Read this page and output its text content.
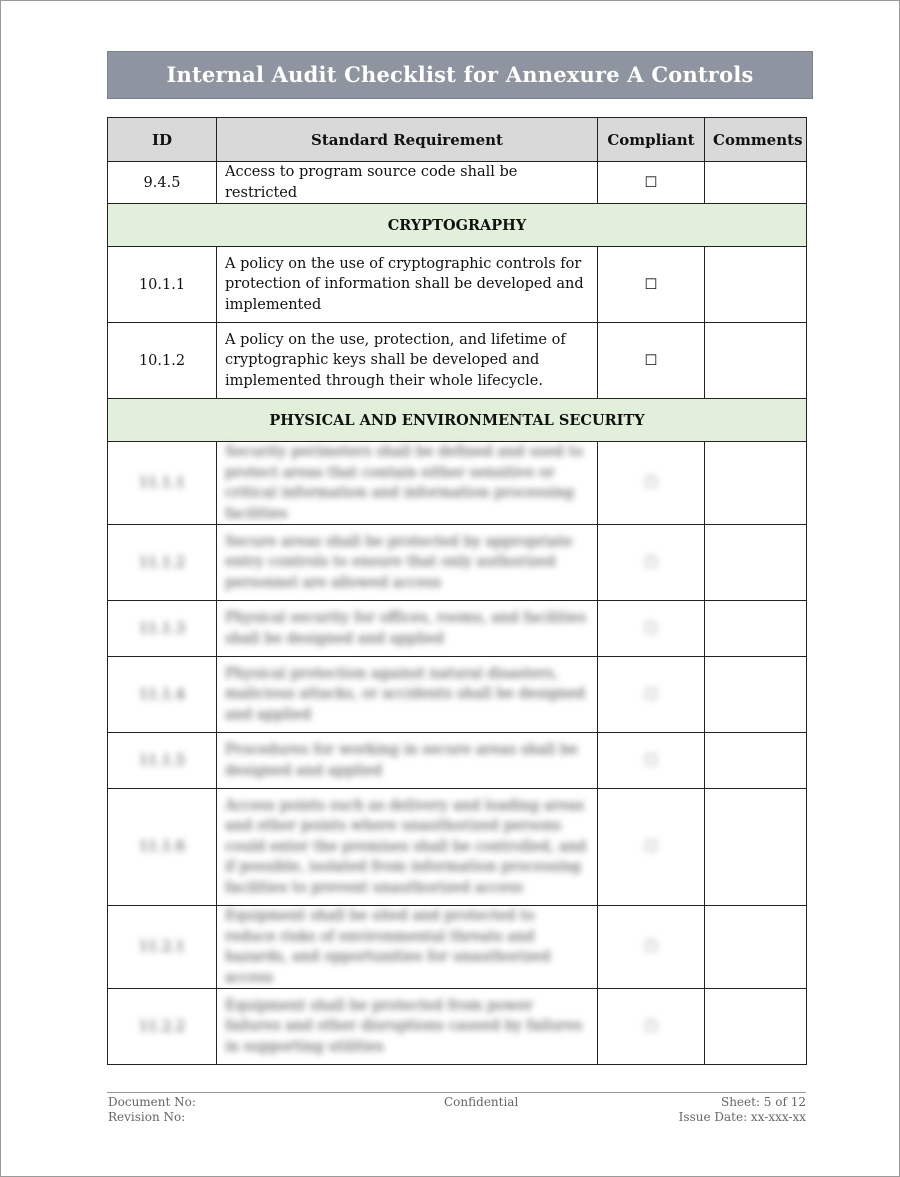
Internal Audit Checklist for Annexure A Controls
ID	Standard Requirement	Compliant	Comments
9.4.5	Access to program source code shall be restricted	☐	
CRYPTOGRAPHY			
10.1.1	A policy on the use of cryptographic controls for protection of information shall be developed and implemented	☐	
10.1.2	A policy on the use, protection, and lifetime of cryptographic keys shall be developed and implemented through their whole lifecycle.	☐	
PHYSICAL AND ENVIRONMENTAL SECURITY			
11.1.1	Security perimeters shall be defined and used to protect areas that contain either sensitive or critical information and information processing facilities	☐	
11.1.2	Secure areas shall be protected by appropriate entry controls to ensure that only authorized personnel are allowed access	☐	
11.1.3	Physical security for offices, rooms, and facilities shall be designed and applied	☐	
11.1.4	Physical protection against natural disasters, malicious attacks, or accidents shall be designed and applied	☐	
11.1.5	Procedures for working in secure areas shall be designed and applied	☐	
11.1.6	Access points such as delivery and loading areas and other points where unauthorized persons could enter the premises shall be controlled, and if possible, isolated from information processing facilities to prevent unauthorized access	☐	
11.2.1	Equipment shall be sited and protected to reduce risks of environmental threats and hazards, and opportunities for unauthorized access	☐	
11.2.2	Equipment shall be protected from power failures and other disruptions caused by failures in supporting utilities	☐	
Document No:
Revision No:
Confidential	Sheet: 5 of 12
Issue Date: xx-xxx-xx
